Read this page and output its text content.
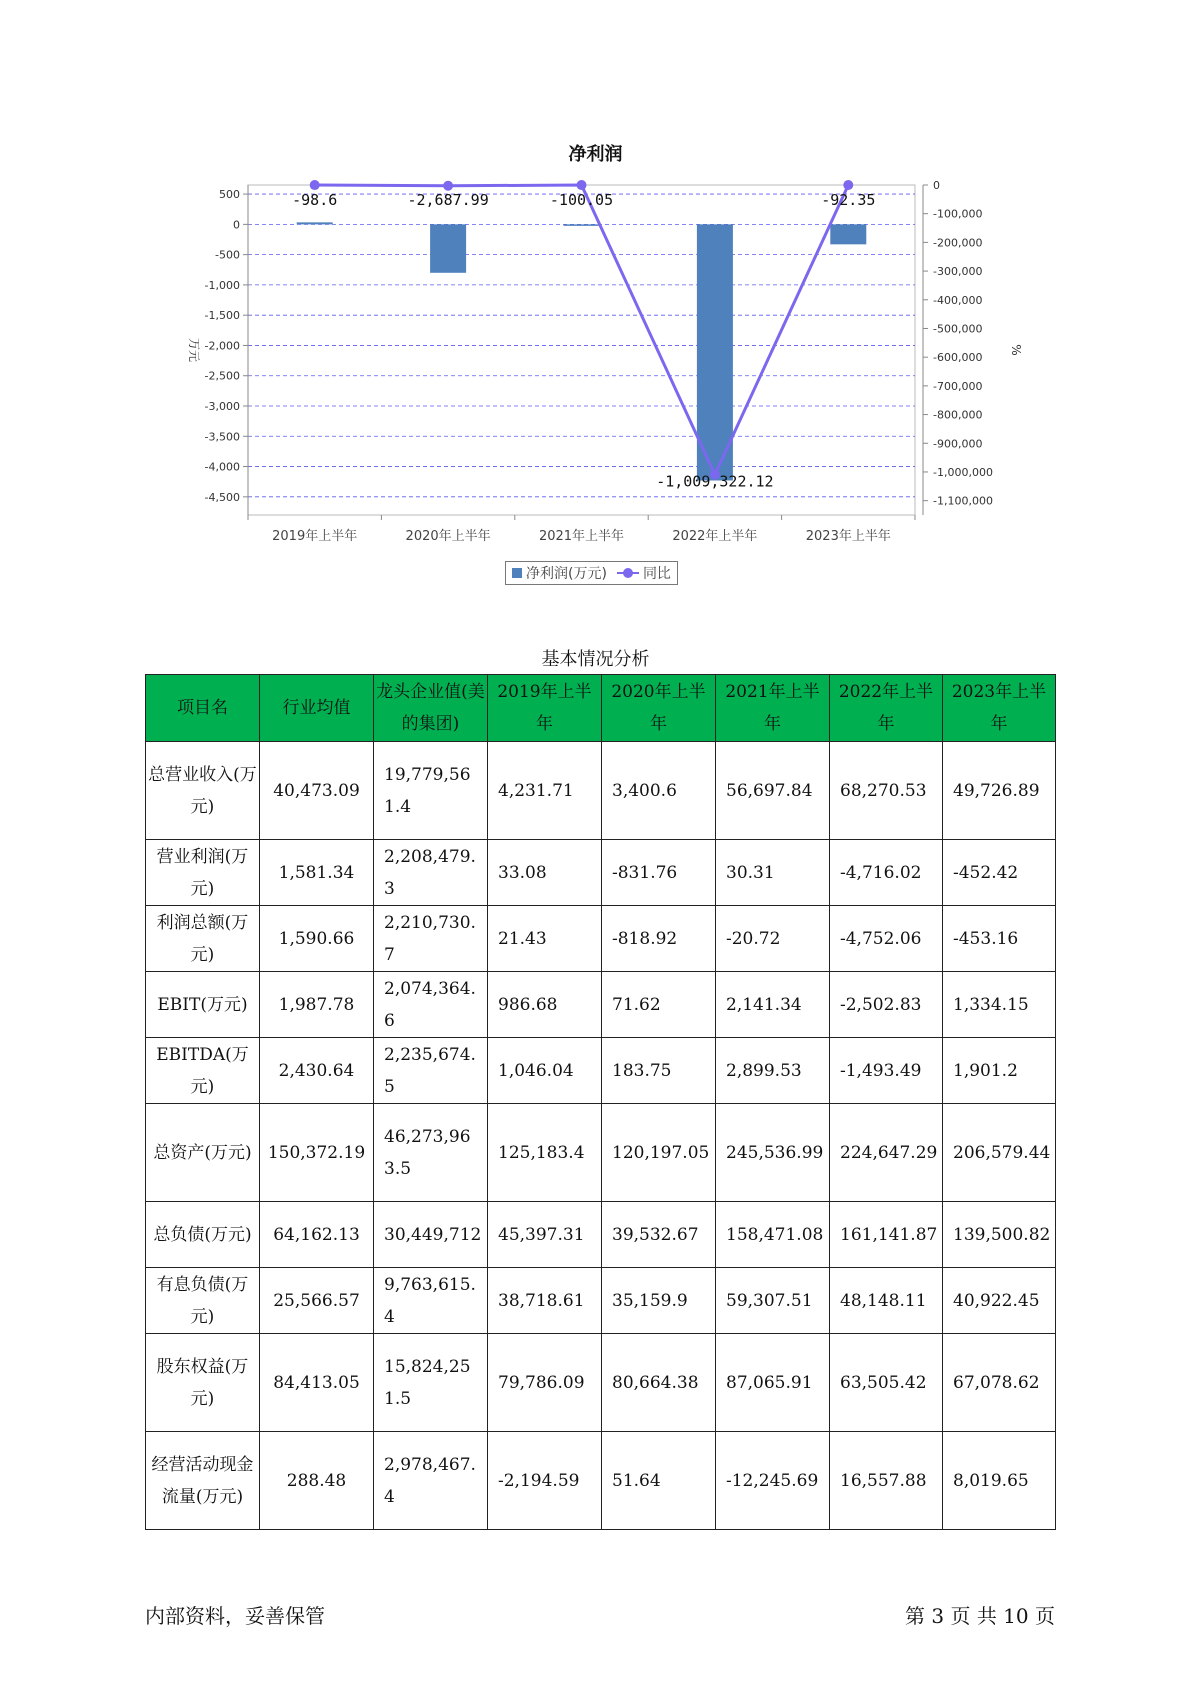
净利润
500
0
-500
-1,000
-1,500
-2,000
-2,500
-3,000
-3,500
-4,000
-4,500
万元
0
-100,000
-200,000
-300,000
-400,000
-500,000
-600,000
-700,000
-800,000
-900,000
-1,000,000
-1,100,000
%
2019年上半年	2020年上半年	2021年上半年	2022年上半年	2023年上半年
-98.6	-2,687.99	-100.05
-1,009,322.12
-92.35
净利润(万元)	同比
基本情况分析
项目名	行业均值	龙头企业值(美的集团)	2019年上半年	2020年上半年	2021年上半年	2022年上半年	2023年上半年
总营业收入(万元)	40,473.09	19,779,561.4	4,231.71	3,400.6	56,697.84	68,270.53	49,726.89
营业利润(万元)	1,581.34	2,208,479.3	33.08	-831.76	30.31	-4,716.02	-452.42
利润总额(万元)	1,590.66	2,210,730.7	21.43	-818.92	-20.72	-4,752.06	-453.16
EBIT(万元)	1,987.78	2,074,364.6	986.68	71.62	2,141.34	-2,502.83	1,334.15
EBITDA(万元)	2,430.64	2,235,674.5	1,046.04	183.75	2,899.53	-1,493.49	1,901.2
总资产(万元)	150,372.19	46,273,963.5	125,183.4	120,197.05	245,536.99	224,647.29	206,579.44
总负债(万元)	64,162.13	30,449,712	45,397.31	39,532.67	158,471.08	161,141.87	139,500.82
有息负债(万元)	25,566.57	9,763,615.4	38,718.61	35,159.9	59,307.51	48,148.11	40,922.45
股东权益(万元)	84,413.05	15,824,251.5	79,786.09	80,664.38	87,065.91	63,505.42	67,078.62
经营活动现金流量(万元)	288.48	2,978,467.4	-2,194.59	51.64	-12,245.69	16,557.88	8,019.65
内部资料，妥善保管	第 3 页 共 10 页
